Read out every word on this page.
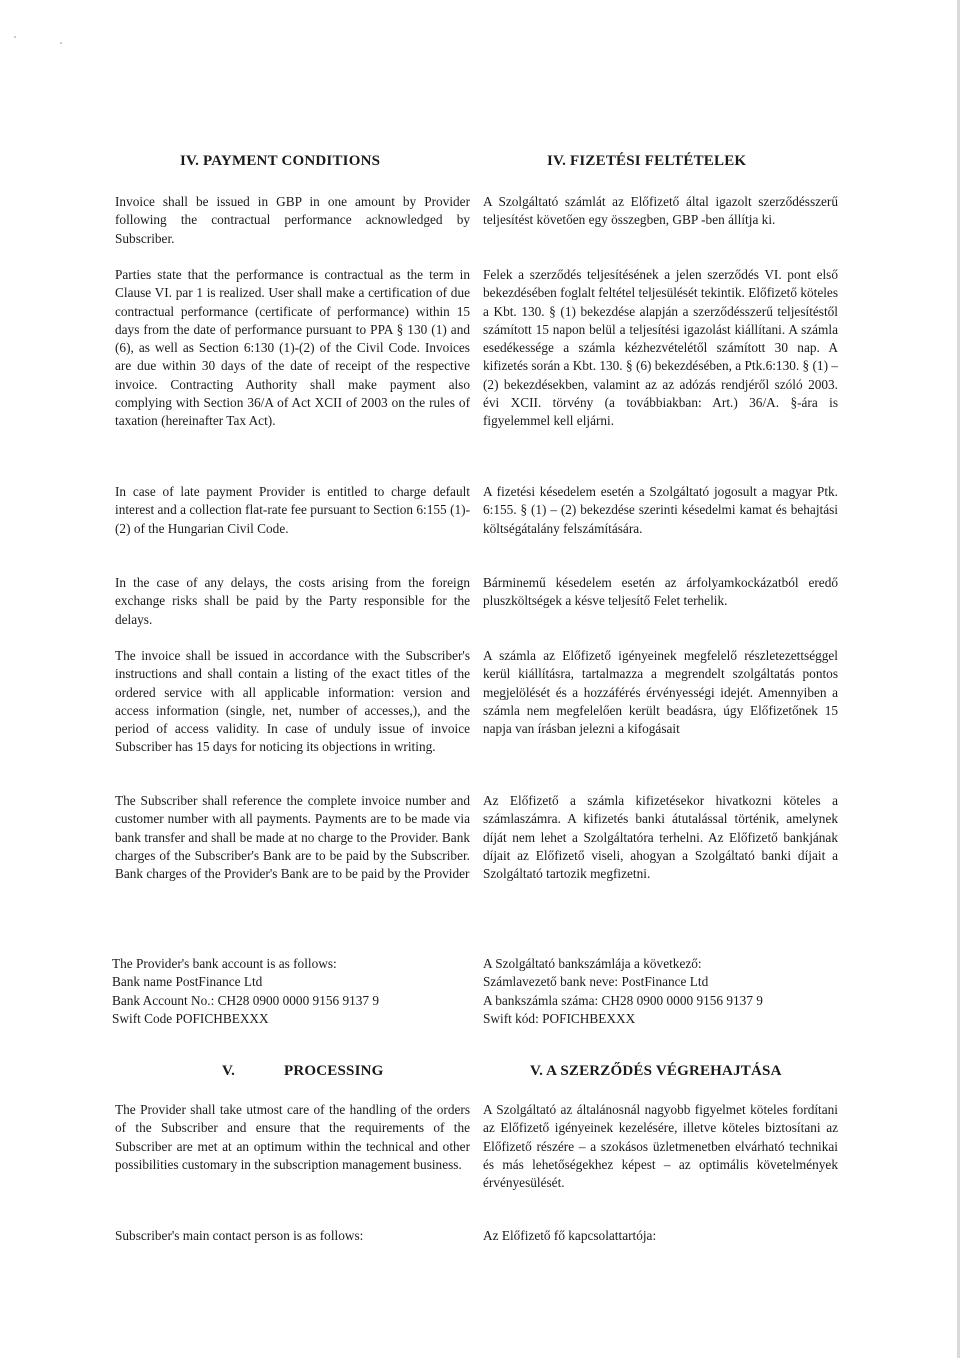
IV. PAYMENT CONDITIONS	IV. FIZETÉSI FELTÉTELEK

Invoice shall be issued in GBP in one amount by Provider following the contractual performance acknowledged by Subscriber.

Parties state that the performance is contractual as the term in Clause VI. par 1 is realized. User shall make a certification of due contractual performance (certificate of performance) within 15 days from the date of performance pursuant to PPA § 130 (1) and (6), as well as Section 6:130 (1)-(2) of the Civil Code. Invoices are due within 30 days of the date of receipt of the respective invoice. Contracting Authority shall make payment also complying with Section 36/A of Act XCII of 2003 on the rules of taxation (hereinafter Tax Act).

In case of late payment Provider is entitled to charge default interest and a collection flat-rate fee pursuant to Section 6:155 (1)-(2) of the Hungarian Civil Code.

In the case of any delays, the costs arising from the foreign exchange risks shall be paid by the Party responsible for the delays.

The invoice shall be issued in accordance with the Subscriber's instructions and shall contain a listing of the exact titles of the ordered service with all applicable information: version and access information (single, net, number of accesses,), and the period of access validity. In case of unduly issue of invoice Subscriber has 15 days for noticing its objections in writing.

The Subscriber shall reference the complete invoice number and customer number with all payments. Payments are to be made via bank transfer and shall be made at no charge to the Provider. Bank charges of the Subscriber's Bank are to be paid by the Subscriber. Bank charges of the Provider's Bank are to be paid by the Provider

A Szolgáltató számlát az Előfizető által igazolt szerződésszerű teljesítést követően egy összegben, GBP -ben állítja ki.

Felek a szerződés teljesítésének a jelen szerződés VI. pont első bekezdésében foglalt feltétel teljesülését tekintik. Előfizető köteles a Kbt. 130. § (1) bekezdése alapján a szerződésszerű teljesítéstől számított 15 napon belül a teljesítési igazolást kiállítani. A számla esedékessége a számla kézhezvételétől számított 30 nap. A kifizetés során a Kbt. 130. § (6) bekezdésében, a Ptk.6:130. § (1) – (2) bekezdésekben, valamint az az adózás rendjéről szóló 2003. évi XCII. törvény (a továbbiakban: Art.) 36/A. §-ára is figyelemmel kell eljárni.

A fizetési késedelem esetén a Szolgáltató jogosult a magyar Ptk. 6:155. § (1) – (2) bekezdése szerinti késedelmi kamat és behajtási költségátalány felszámítására.

Bárminemű késedelem esetén az árfolyamkockázatból eredő pluszköltségek a késve teljesítő Felet terhelik.

A számla az Előfizető igényeinek megfelelő részletezettséggel kerül kiállításra, tartalmazza a megrendelt szolgáltatás pontos megjelölését és a hozzáférés érvényességi idejét. Amennyiben a számla nem megfelelően került beadásra, úgy Előfizetőnek 15 napja van írásban jelezni a kifogásait

Az Előfizető a számla kifizetésekor hivatkozni köteles a számlaszámra. A kifizetés banki átutalással történik, amelynek díját nem lehet a Szolgáltatóra terhelni. Az Előfizető bankjának díjait az Előfizető viseli, ahogyan a Szolgáltató banki díjait a Szolgáltató tartozik megfizetni.

The Provider's bank account is as follows:
Bank name PostFinance Ltd
Bank Account No.: CH28 0900 0000 9156 9137 9
Swift Code POFICHBEXXX
A Szolgáltató bankszámlája a következő:
Számlavezető bank neve: PostFinance Ltd
A bankszámla száma: CH28 0900 0000 9156 9137 9
Swift kód: POFICHBEXXX
V.	PROCESSING	V. A SZERZŐDÉS VÉGREHAJTÁSA

The Provider shall take utmost care of the handling of the orders of the Subscriber and ensure that the requirements of the Subscriber are met at an optimum within the technical and other possibilities customary in the subscription management business.

A Szolgáltató az általánosnál nagyobb figyelmet köteles fordítani az Előfizető igényeinek kezelésére, illetve köteles biztosítani az Előfizető részére – a szokásos üzletmenetben elvárható technikai és más lehetőségekhez képest – az optimális követelmények érvényesülését.

Subscriber's main contact person is as follows:	Az Előfizető fő kapcsolattartója:
